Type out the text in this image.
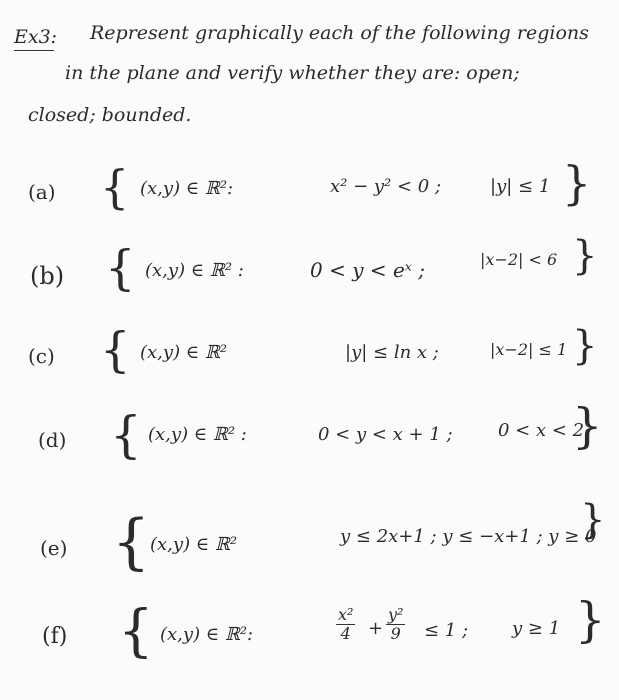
Ex3: Represent graphically each of the following regions
in the plane and verify whether they are: open;
closed; bounded.
(a) { (x,y) ∈ ℝ²:	x² − y² < 0 ;	|y| ≤ 1 }
(b) { (x,y) ∈ ℝ² :	0 < y < eˣ ;	|x−2| < 6 }
(c) { (x,y) ∈ ℝ²	|y| ≤ ln x ;	|x−2| ≤ 1 }
(d) { (x,y) ∈ ℝ² :	0 < y < x + 1 ;	0 < x < 2
}
(e) { (x,y) ∈ ℝ²	y ≤ 2x+1 ; y ≤ −x+1 ; y ≥ 0
}
(f) { (x,y) ∈ ℝ²:	$\frac{\text{x²}}{4} + \frac{\text{y²}}{9} \le 1$ ; y ≥ 1 }
